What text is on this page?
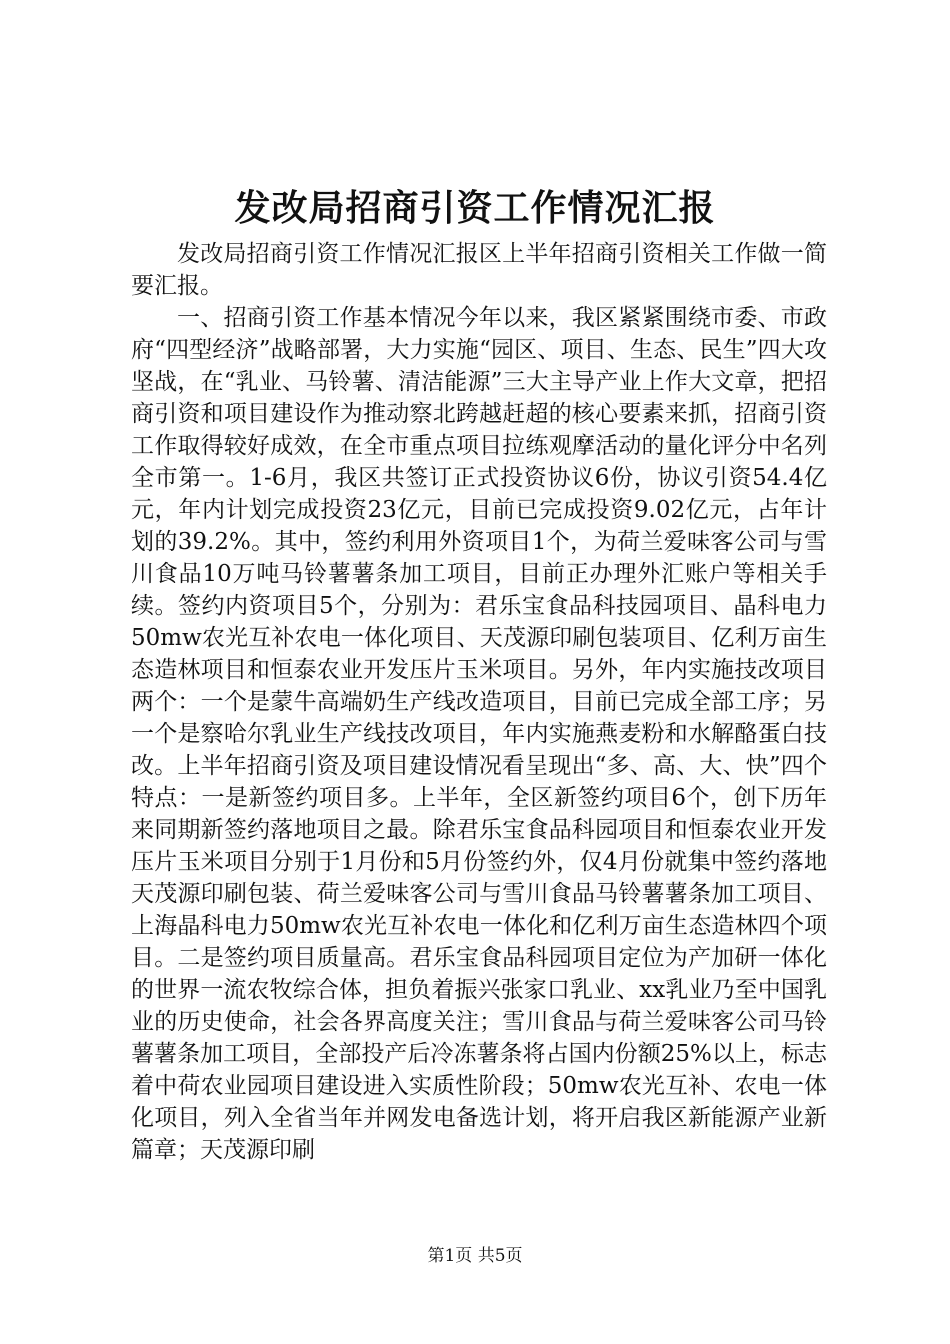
发改局招商引资工作情况汇报

发改局招商引资工作情况汇报区上半年招商引资相关工作做一简要汇报。

一、招商引资工作基本情况今年以来，我区紧紧围绕市委、市政府“四型经济”战略部署，大力实施“园区、项目、生态、民生”四大攻坚战，在“乳业、马铃薯、清洁能源”三大主导产业上作大文章，把招商引资和项目建设作为推动察北跨越赶超的核心要素来抓，招商引资工作取得较好成效，在全市重点项目拉练观摩活动的量化评分中名列全市第一。1-6月，我区共签订正式投资协议6份，协议引资54.4亿元，年内计划完成投资23亿元，目前已完成投资9.02亿元，占年计划的39.2%。其中，签约利用外资项目1个，为荷兰爱味客公司与雪川食品10万吨马铃薯薯条加工项目，目前正办理外汇账户等相关手续。签约内资项目5个，分别为：君乐宝食品科技园项目、晶科电力50mw农光互补农电一体化项目、天茂源印刷包装项目、亿利万亩生态造林项目和恒泰农业开发压片玉米项目。另外，年内实施技改项目两个：一个是蒙牛高端奶生产线改造项目，目前已完成全部工序；另一个是察哈尔乳业生产线技改项目，年内实施燕麦粉和水解酪蛋白技改。上半年招商引资及项目建设情况看呈现出“多、高、大、快”四个特点：一是新签约项目多。上半年，全区新签约项目6个，创下历年来同期新签约落地项目之最。除君乐宝食品科园项目和恒泰农业开发压片玉米项目分别于1月份和5月份签约外，仅4月份就集中签约落地天茂源印刷包装、荷兰爱味客公司与雪川食品马铃薯薯条加工项目、上海晶科电力50mw农光互补农电一体化和亿利万亩生态造林四个项目。二是签约项目质量高。君乐宝食品科园项目定位为产加研一体化的世界一流农牧综合体，担负着振兴张家口乳业、xx乳业乃至中国乳业的历史使命，社会各界高度关注；雪川食品与荷兰爱味客公司马铃薯薯条加工项目，全部投产后冷冻薯条将占国内份额25%以上，标志着中荷农业园项目建设进入实质性阶段；50mw农光互补、农电一体化项目，列入全省当年并网发电备选计划，将开启我区新能源产业新篇章；天茂源印刷

第1页 共5页
